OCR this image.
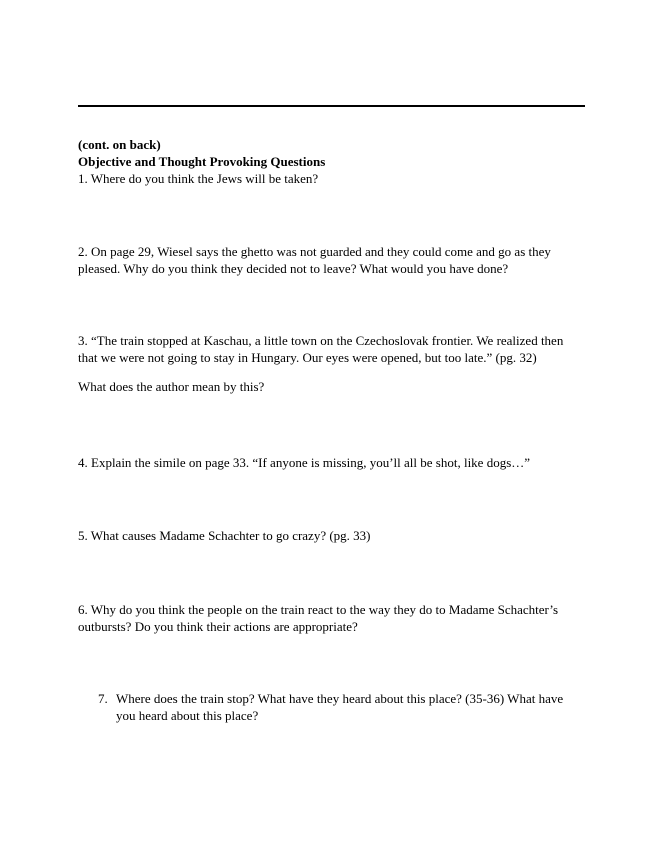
(cont. on back)
Objective and Thought Provoking Questions
1. Where do you think the Jews will be taken?
2. On page 29, Wiesel says the ghetto was not guarded and they could come and go as they
pleased. Why do you think they decided not to leave? What would you have done?
3. “The train stopped at Kaschau, a little town on the Czechoslovak frontier. We realized then
that we were not going to stay in Hungary. Our eyes were opened, but too late.” (pg. 32)
What does the author mean by this?
4. Explain the simile on page 33. “If anyone is missing, you’ll all be shot, like dogs…”
5. What causes Madame Schachter to go crazy? (pg. 33)
6. Why do you think the people on the train react to the way they do to Madame Schachter’s
outbursts? Do you think their actions are appropriate?
7. Where does the train stop? What have they heard about this place? (35-36) What have
you heard about this place?
